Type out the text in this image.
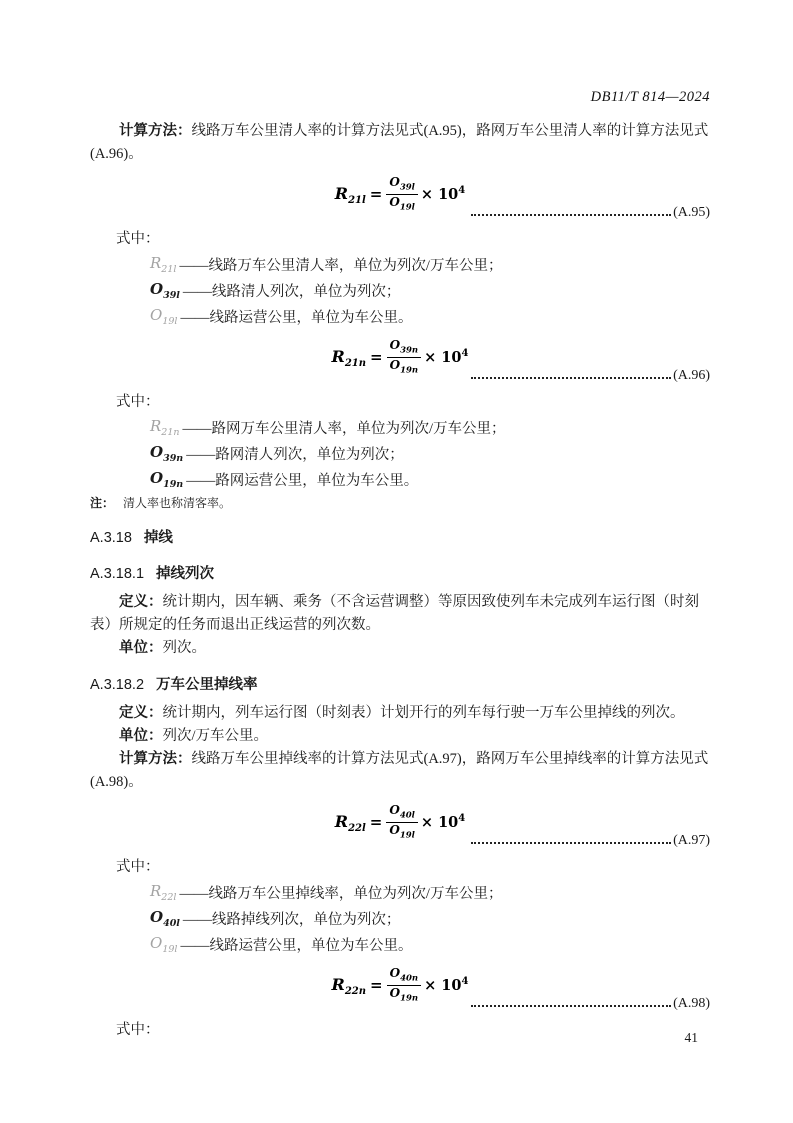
DB11/T 814—2024

计算方法：线路万车公里清人率的计算方法见式(A.95)，路网万车公里清人率的计算方法见式(A.96)。

$R_{21l} = \frac{O_{39l}}{O_{19l}} \times 10^4$
(A.95)
式中：
$R_{21l}$ ——线路万车公里清人率，单位为列次/万车公里；
$O_{39l}$ ——线路清人列次，单位为列次；
$O_{19l}$ ——线路运营公里，单位为车公里。
$R_{21n} = \frac{O_{39n}}{O_{19n}} \times 10^4$
(A.96)
式中：
$R_{21n}$ ——路网万车公里清人率，单位为列次/万车公里；
$O_{39n}$ ——路网清人列次，单位为列次；
$O_{19n}$ ——路网运营公里，单位为车公里。
注： 清人率也称清客率。
A.3.18 掉线
A.3.18.1 掉线列次

定义：统计期内，因车辆、乘务（不含运营调整）等原因致使列车未完成列车运行图（时刻表）所规定的任务而退出正线运营的列次数。

单位：列次。

A.3.18.2 万车公里掉线率

定义：统计期内，列车运行图（时刻表）计划开行的列车每行驶一万车公里掉线的列次。

单位：列次/万车公里。

计算方法：线路万车公里掉线率的计算方法见式(A.97)，路网万车公里掉线率的计算方法见式(A.98)。

$R_{22l} = \frac{O_{40l}}{O_{19l}} \times 10^4$
(A.97)
式中：
$R_{22l}$ ——线路万车公里掉线率，单位为列次/万车公里；
$O_{40l}$ ——线路掉线列次，单位为列次；
$O_{19l}$ ——线路运营公里，单位为车公里。
$R_{22n} = \frac{O_{40n}}{O_{19n}} \times 10^4$
(A.98)
式中：	41
